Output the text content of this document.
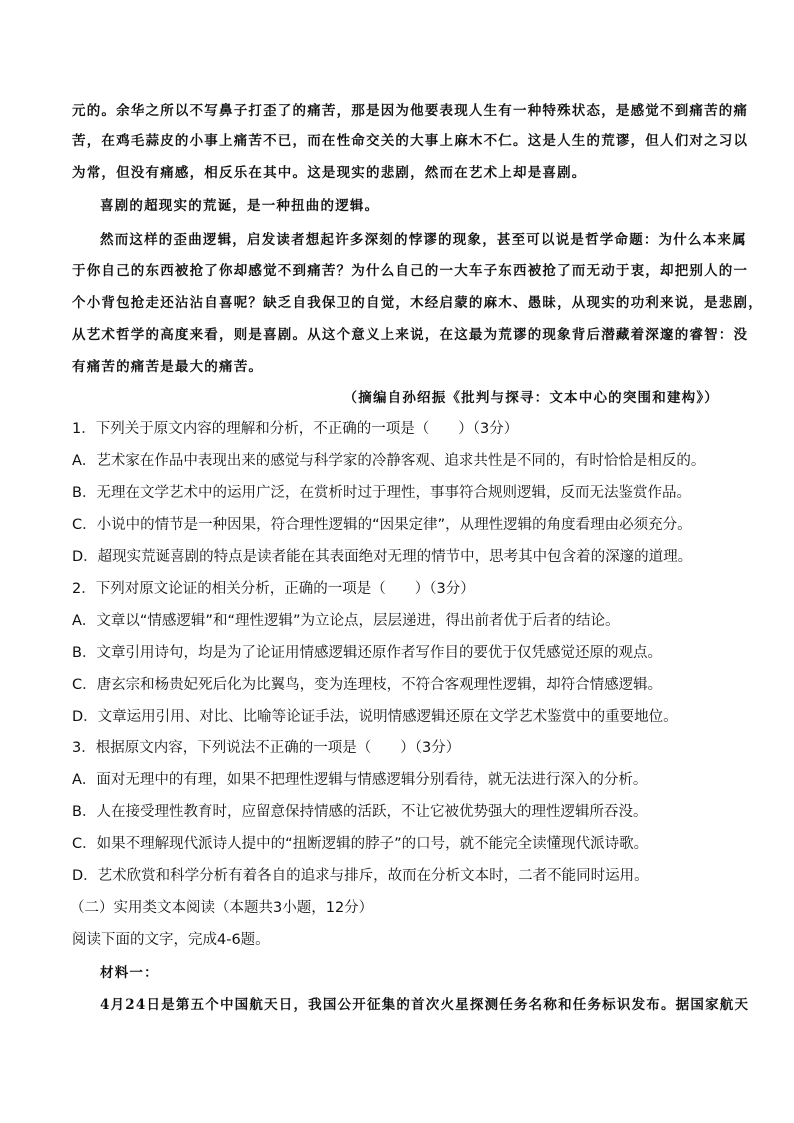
元的。余华之所以不写鼻子打歪了的痛苦，那是因为他要表现人生有一种特殊状态，是感觉不到痛苦的痛
苦，在鸡毛蒜皮的小事上痛苦不已，而在性命交关的大事上麻木不仁。这是人生的荒谬，但人们对之习以
为常，但没有痛感，相反乐在其中。这是现实的悲剧，然而在艺术上却是喜剧。
喜剧的超现实的荒诞，是一种扭曲的逻辑。
然而这样的歪曲逻辑，启发读者想起许多深刻的悖谬的现象，甚至可以说是哲学命题：为什么本来属
于你自己的东西被抢了你却感觉不到痛苦？为什么自己的一大车子东西被抢了而无动于衷，却把别人的一
个小背包抢走还沾沾自喜呢？缺乏自我保卫的自觉，木经启蒙的麻木、愚昧，从现实的功利来说，是悲剧，
从艺术哲学的高度来看，则是喜剧。从这个意义上来说，在这最为荒谬的现象背后潜藏着深邃的睿智：没
有痛苦的痛苦是最大的痛苦。
（摘编自孙绍振《批判与探寻：文本中心的突围和建构》）
1．下列关于原文内容的理解和分析，不正确的一项是（　　）（3分）
A．艺术家在作品中表现出来的感觉与科学家的冷静客观、追求共性是不同的，有时恰恰是相反的。
B．无理在文学艺术中的运用广泛，在赏析时过于理性，事事符合规则逻辑，反而无法鉴赏作品。
C．小说中的情节是一种因果，符合理性逻辑的“因果定律”，从理性逻辑的角度看理由必须充分。
D．超现实荒诞喜剧的特点是读者能在其表面绝对无理的情节中，思考其中包含着的深邃的道理。
2．下列对原文论证的相关分析，正确的一项是（　　）（3分）
A．文章以“情感逻辑”和“理性逻辑”为立论点，层层递进，得出前者优于后者的结论。
B．文章引用诗句，均是为了论证用情感逻辑还原作者写作目的要优于仅凭感觉还原的观点。
C．唐玄宗和杨贵妃死后化为比翼鸟，变为连理枝，不符合客观理性逻辑，却符合情感逻辑。
D．文章运用引用、对比、比喻等论证手法，说明情感逻辑还原在文学艺术鉴赏中的重要地位。
3．根据原文内容，下列说法不正确的一项是（　　）（3分）
A．面对无理中的有理，如果不把理性逻辑与情感逻辑分别看待，就无法进行深入的分析。
B．人在接受理性教育时，应留意保持情感的活跃，不让它被优势强大的理性逻辑所吞没。
C．如果不理解现代派诗人提中的“扭断逻辑的脖子”的口号，就不能完全读懂现代派诗歌。
D．艺术欣赏和科学分析有着各自的追求与排斥，故而在分析文本时，二者不能同时运用。
（二）实用类文本阅读（本题共3小题，12分）
阅读下面的文字，完成4-6题。
材料一：
4月24日是第五个中国航天日，我国公开征集的首次火星探测任务名称和任务标识发布。据国家航天
